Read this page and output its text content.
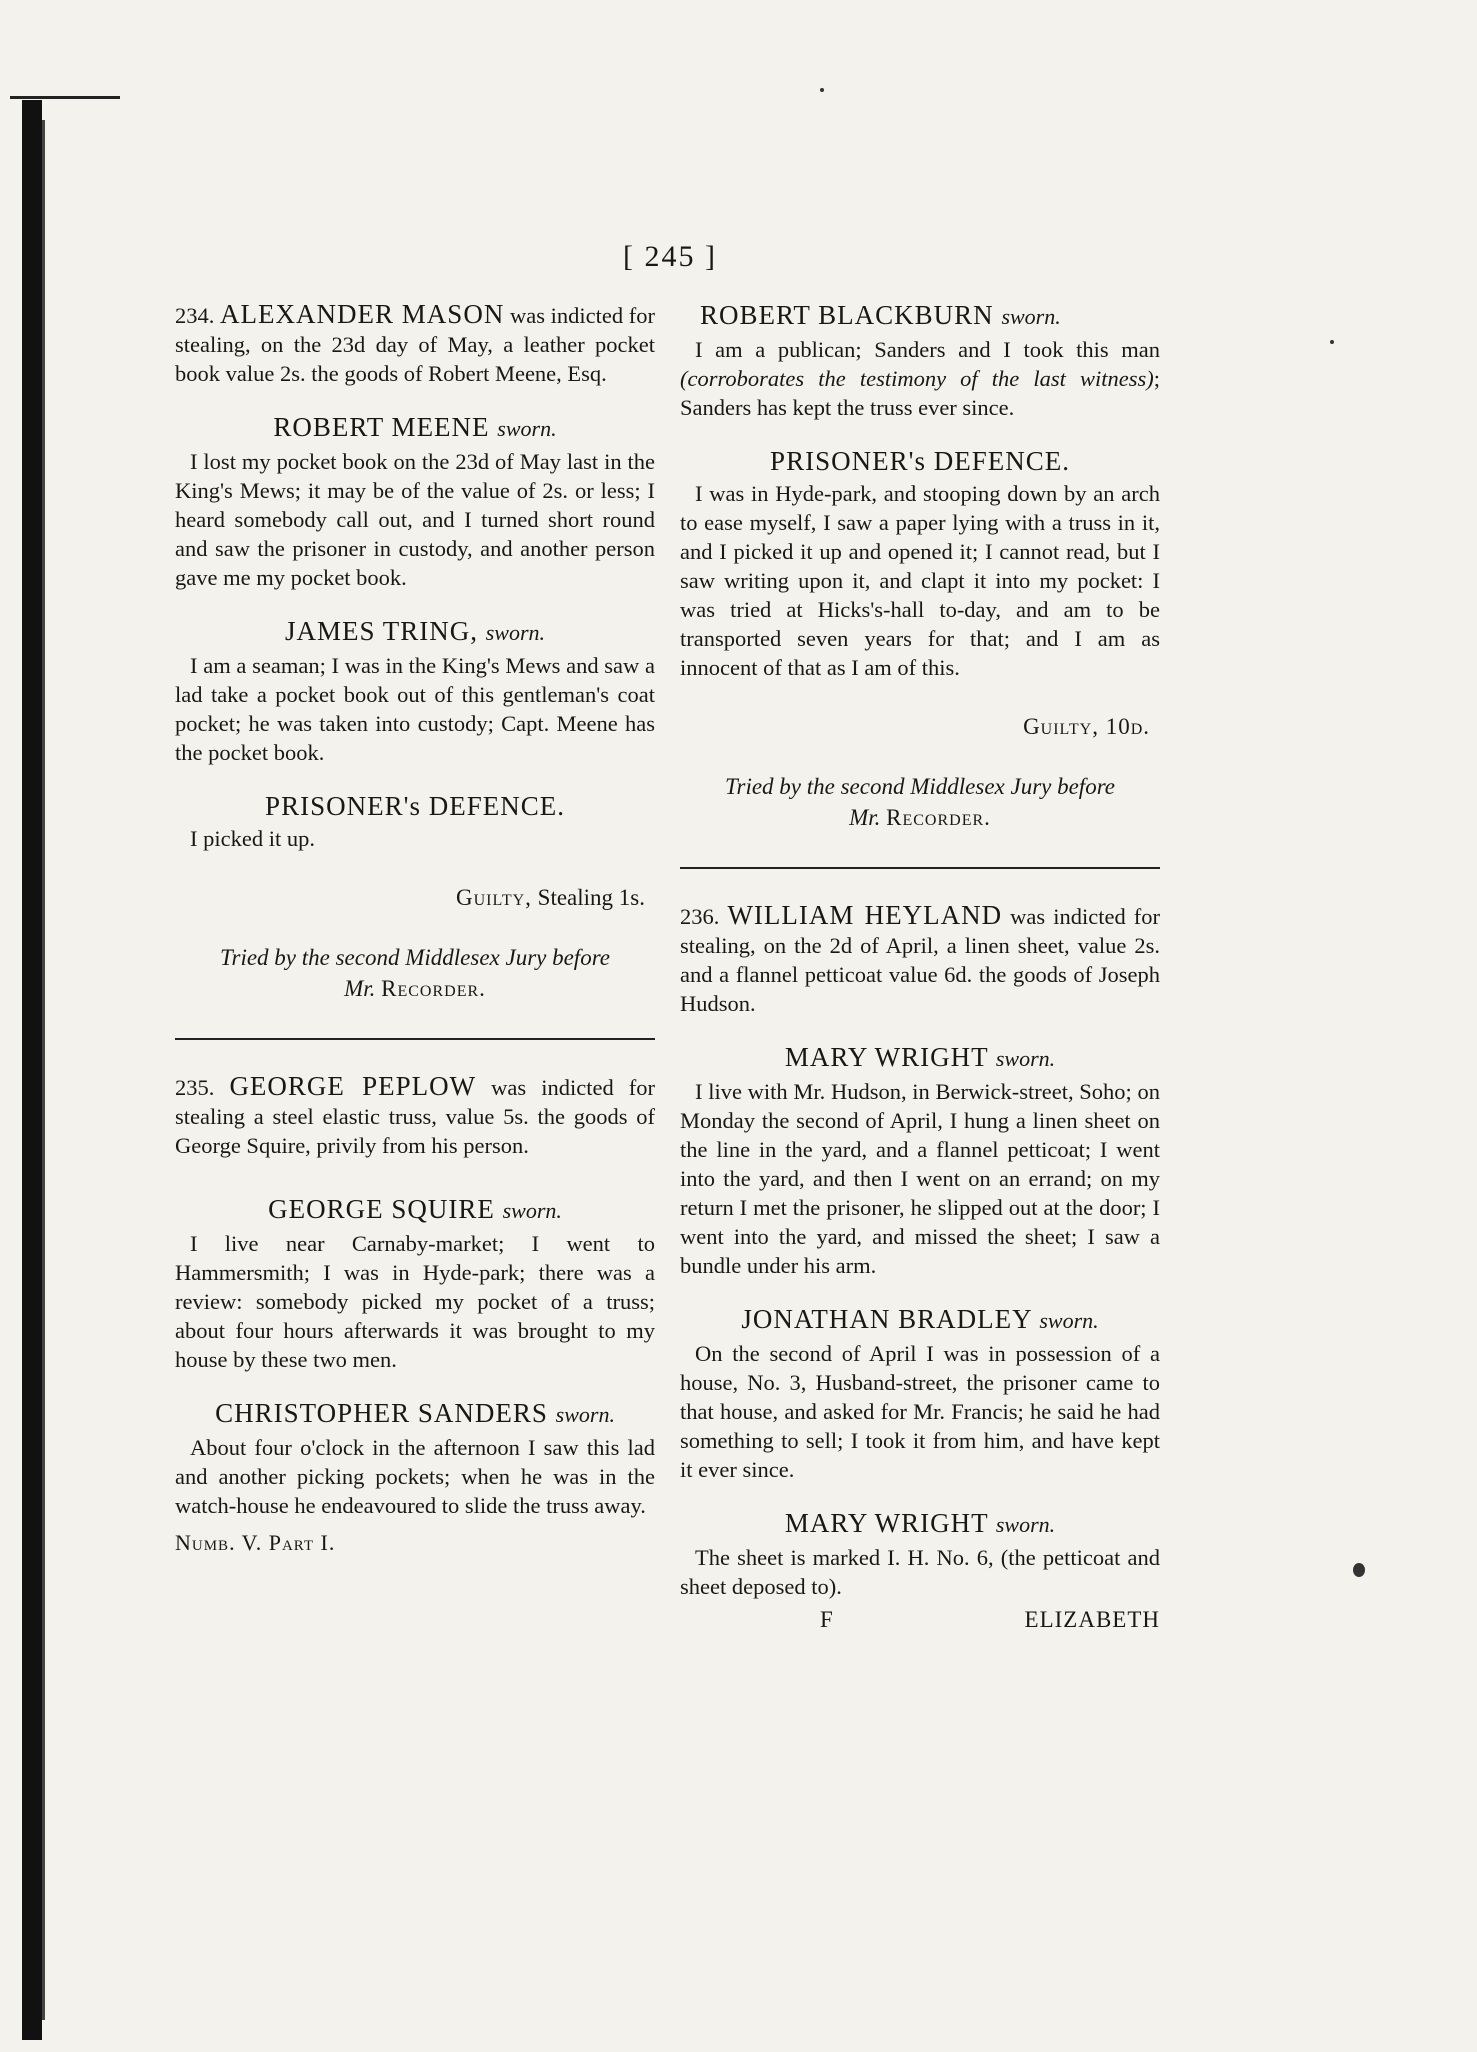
[ 245 ]

234. ALEXANDER MASON was indicted for stealing, on the 23d day of May, a leather pocket book value 2s. the goods of Robert Meene, Esq.

ROBERT MEENE sworn.

I lost my pocket book on the 23d of May last in the King's Mews; it may be of the value of 2s. or less; I heard somebody call out, and I turned short round and saw the prisoner in custody, and another person gave me my pocket book.

JAMES TRING, sworn.

I am a seaman; I was in the King's Mews and saw a lad take a pocket book out of this gentleman's coat pocket; he was taken into custody; Capt. Meene has the pocket book.

PRISONER's DEFENCE.

I picked it up.

Guilty, Stealing 1s.
Tried by the second Middlesex Jury before
Mr. Recorder.

235. GEORGE PEPLOW was indicted for stealing a steel elastic truss, value 5s. the goods of George Squire, privily from his person.

GEORGE SQUIRE sworn.

I live near Carnaby-market; I went to Hammersmith; I was in Hyde-park; there was a review: somebody picked my pocket of a truss; about four hours afterwards it was brought to my house by these two men.

CHRISTOPHER SANDERS sworn.

About four o'clock in the afternoon I saw this lad and another picking pockets; when he was in the watch-house he endeavoured to slide the truss away.

Numb. V. Part I.
ROBERT BLACKBURN sworn.

I am a publican; Sanders and I took this man (corroborates the testimony of the last witness); Sanders has kept the truss ever since.

PRISONER's DEFENCE.

I was in Hyde-park, and stooping down by an arch to ease myself, I saw a paper lying with a truss in it, and I picked it up and opened it; I cannot read, but I saw writing upon it, and clapt it into my pocket: I was tried at Hicks's-hall to-day, and am to be transported seven years for that; and I am as innocent of that as I am of this.

Guilty, 10d.
Tried by the second Middlesex Jury before
Mr. Recorder.

236. WILLIAM HEYLAND was indicted for stealing, on the 2d of April, a linen sheet, value 2s. and a flannel petticoat value 6d. the goods of Joseph Hudson.

MARY WRIGHT sworn.

I live with Mr. Hudson, in Berwick-street, Soho; on Monday the second of April, I hung a linen sheet on the line in the yard, and a flannel petticoat; I went into the yard, and then I went on an errand; on my return I met the prisoner, he slipped out at the door; I went into the yard, and missed the sheet; I saw a bundle under his arm.

JONATHAN BRADLEY sworn.

On the second of April I was in possession of a house, No. 3, Husband-street, the prisoner came to that house, and asked for Mr. Francis; he said he had something to sell; I took it from him, and have kept it ever since.

MARY WRIGHT sworn.

The sheet is marked I. H. No. 6, (the petticoat and sheet deposed to).

F	ELIZABETH
